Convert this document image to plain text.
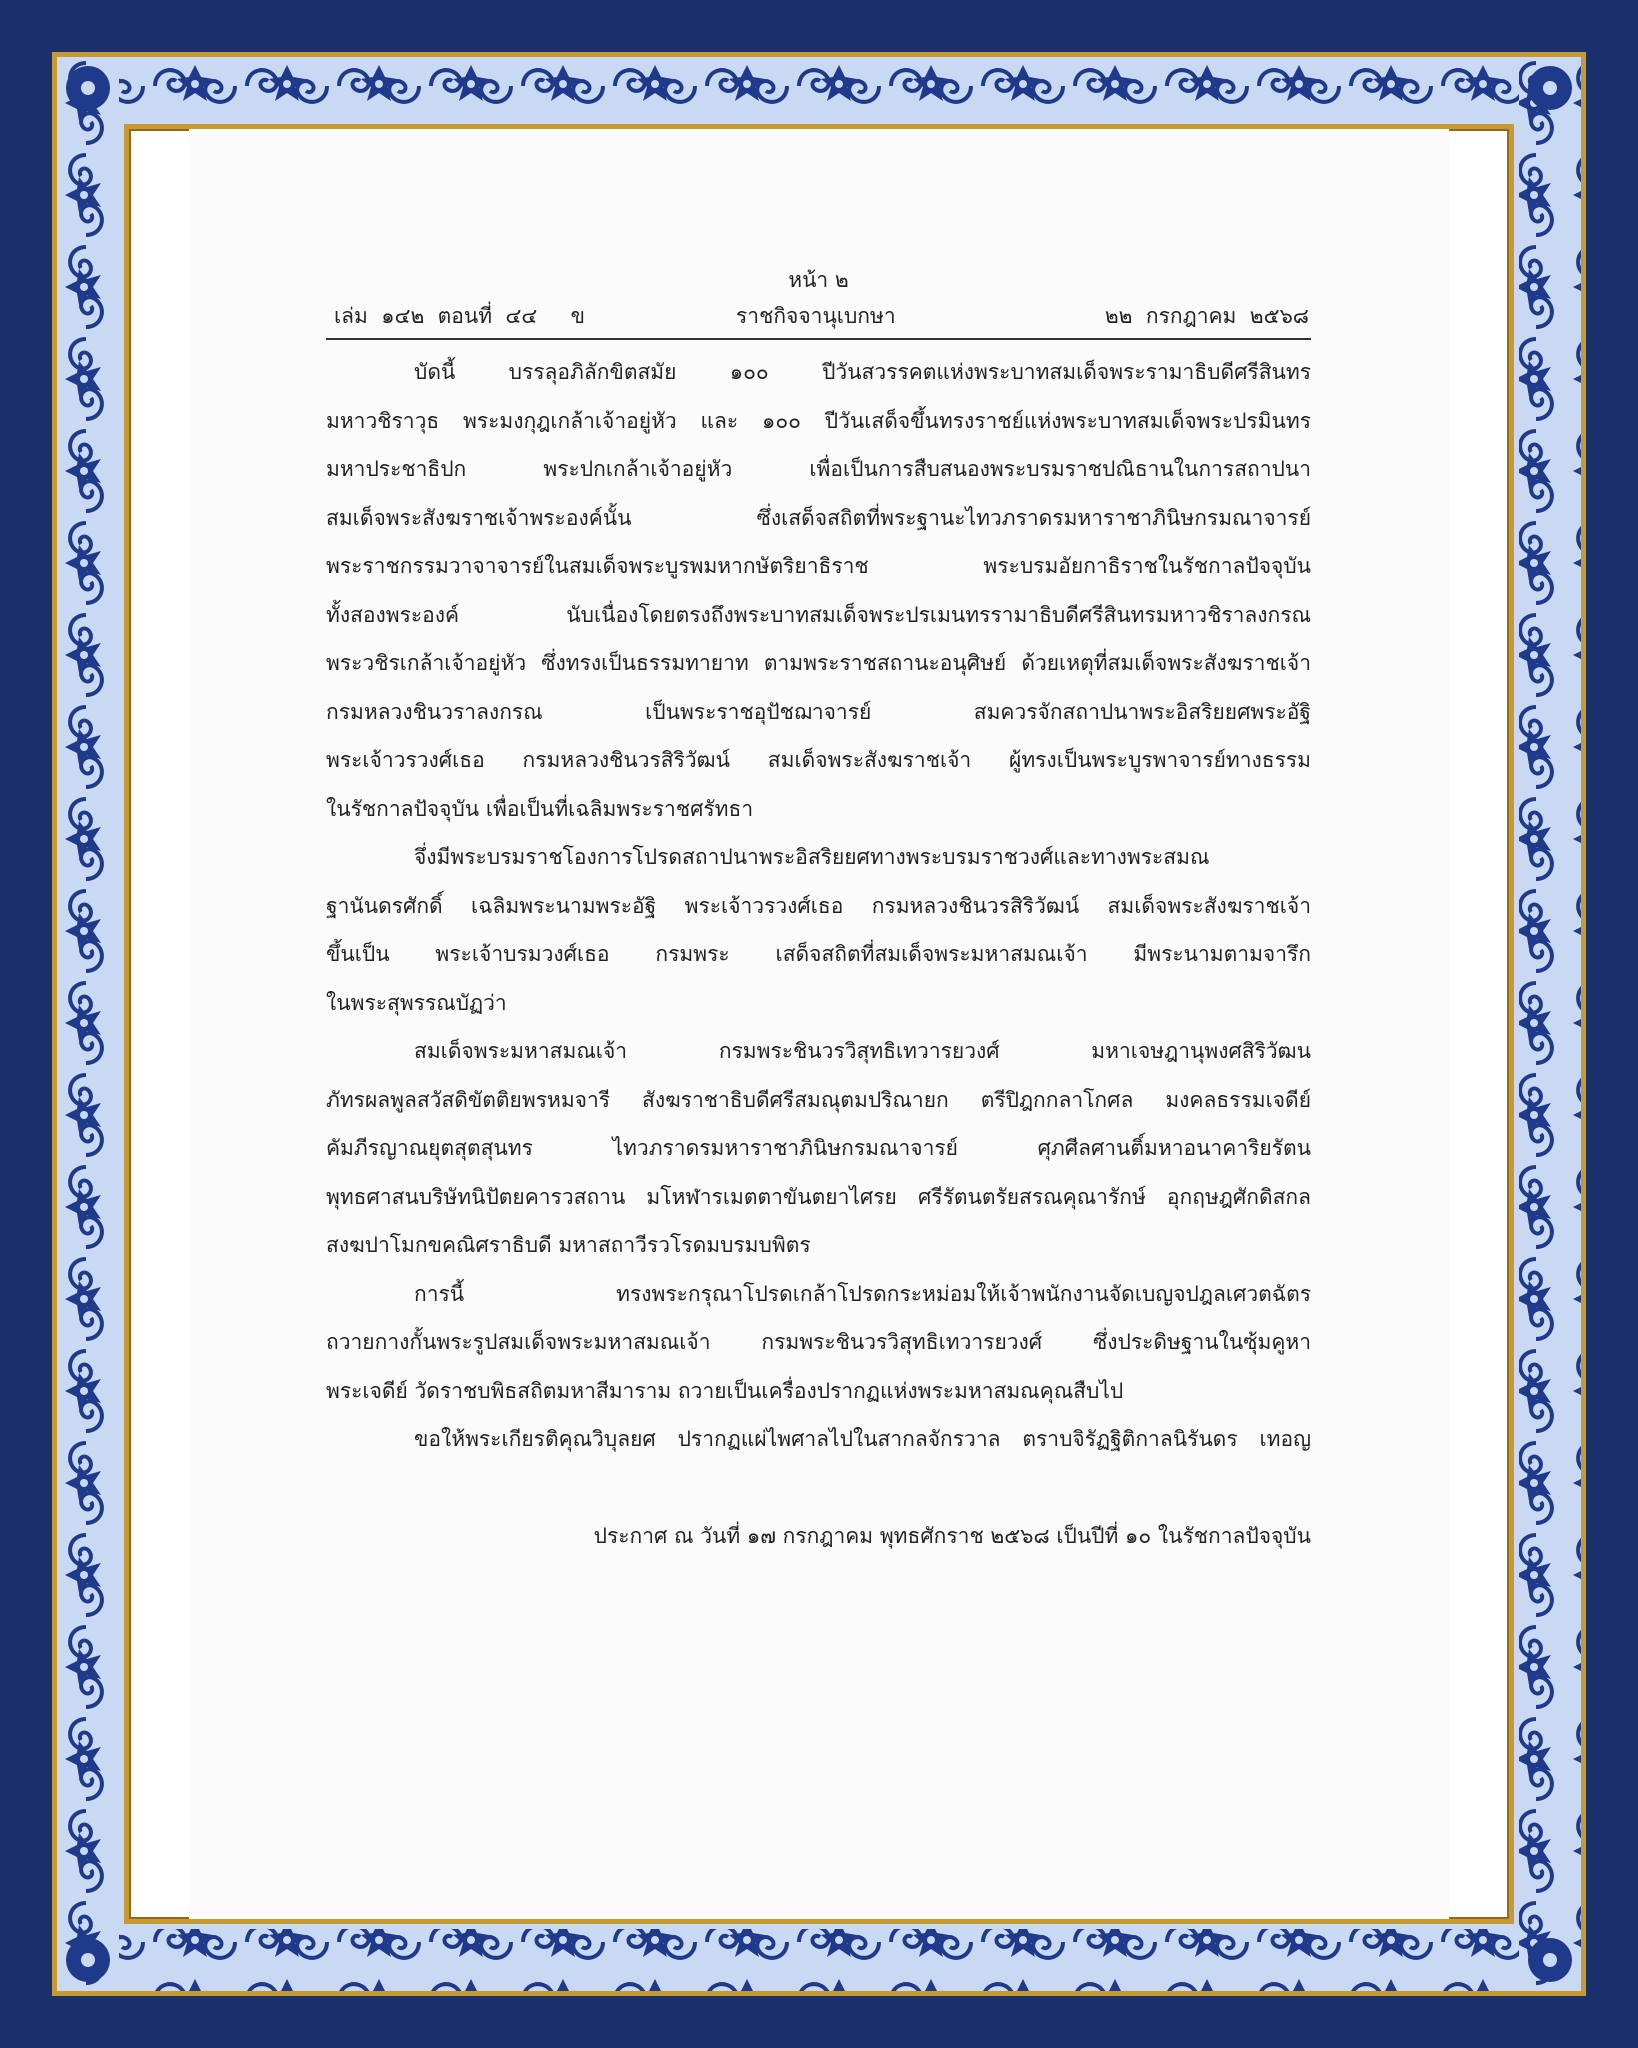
หน้า ๒
เล่ม  ๑๔๒  ตอนที่  ๔๔     ข	ราชกิจจานุเบกษา	๒๒  กรกฎาคม  ๒๕๖๘
บัดนี้ บรรลุอภิลักขิตสมัย ๑๐๐ ปีวันสวรรคตแห่งพระบาทสมเด็จพระรามาธิบดีศรีสินทร
มหาวชิราวุธ พระมงกุฎเกล้าเจ้าอยู่หัว และ ๑๐๐ ปีวันเสด็จขึ้นทรงราชย์แห่งพระบาทสมเด็จพระปรมินทร
มหาประชาธิปก พระปกเกล้าเจ้าอยู่หัว เพื่อเป็นการสืบสนองพระบรมราชปณิธานในการสถาปนา
สมเด็จพระสังฆราชเจ้าพระองค์นั้น ซึ่งเสด็จสถิตที่พระฐานะไทวภราดรมหาราชาภินิษกรมณาจารย์
พระราชกรรมวาจาจารย์ในสมเด็จพระบูรพมหากษัตริยาธิราช พระบรมอัยกาธิราชในรัชกาลปัจจุบัน
ทั้งสองพระองค์ นับเนื่องโดยตรงถึงพระบาทสมเด็จพระปรเมนทรรามาธิบดีศรีสินทรมหาวชิราลงกรณ
พระวชิรเกล้าเจ้าอยู่หัว ซึ่งทรงเป็นธรรมทายาท ตามพระราชสถานะอนุศิษย์ ด้วยเหตุที่สมเด็จพระสังฆราชเจ้า
กรมหลวงชินวราลงกรณ เป็นพระราชอุปัชฌาจารย์ สมควรจักสถาปนาพระอิสริยยศพระอัฐิ
พระเจ้าวรวงศ์เธอ กรมหลวงชินวรสิริวัฒน์ สมเด็จพระสังฆราชเจ้า ผู้ทรงเป็นพระบูรพาจารย์ทางธรรม
ในรัชกาลปัจจุบัน เพื่อเป็นที่เฉลิมพระราชศรัทธา
จึ่งมีพระบรมราชโองการโปรดสถาปนาพระอิสริยยศทางพระบรมราชวงศ์และทางพระสมณ
ฐานันดรศักดิ์ เฉลิมพระนามพระอัฐิ พระเจ้าวรวงศ์เธอ กรมหลวงชินวรสิริวัฒน์ สมเด็จพระสังฆราชเจ้า
ขึ้นเป็น พระเจ้าบรมวงศ์เธอ กรมพระ เสด็จสถิตที่สมเด็จพระมหาสมณเจ้า มีพระนามตามจารึก
ในพระสุพรรณบัฏว่า
สมเด็จพระมหาสมณเจ้า กรมพระชินวรวิสุทธิเทวารยวงศ์ มหาเจษฎานุพงศสิริวัฒน
ภัทรผลพูลสวัสดิขัตติยพรหมจารี สังฆราชาธิบดีศรีสมณุตมปริณายก ตรีปิฎกกลาโกศล มงคลธรรมเจดีย์
คัมภีรญาณยุตสุตสุนทร ไทวภราดรมหาราชาภินิษกรมณาจารย์ ศุภศีลศานติ์มหาอนาคาริยรัตน
พุทธศาสนบริษัทนิปัตยคารวสถาน มโหฬารเมตตาขันตยาไศรย ศรีรัตนตรัยสรณคุณารักษ์ อุกฤษฎศักดิสกล
สงฆปาโมกขคณิศราธิบดี มหาสถาวีรวโรดมบรมบพิตร
การนี้ ทรงพระกรุณาโปรดเกล้าโปรดกระหม่อมให้เจ้าพนักงานจัดเบญจปฎลเศวตฉัตร
ถวายกางกั้นพระรูปสมเด็จพระมหาสมณเจ้า กรมพระชินวรวิสุทธิเทวารยวงศ์ ซึ่งประดิษฐานในซุ้มคูหา
พระเจดีย์ วัดราชบพิธสถิตมหาสีมาราม ถวายเป็นเครื่องปรากฏแห่งพระมหาสมณคุณสืบไป
ขอให้พระเกียรติคุณวิบุลยศ ปรากฏแผ่ไพศาลไปในสากลจักรวาล ตราบจิรัฏฐิติกาลนิรันดร เทอญ
ประกาศ ณ วันที่ ๑๗ กรกฎาคม พุทธศักราช ๒๕๖๘ เป็นปีที่ ๑๐ ในรัชกาลปัจจุบัน
